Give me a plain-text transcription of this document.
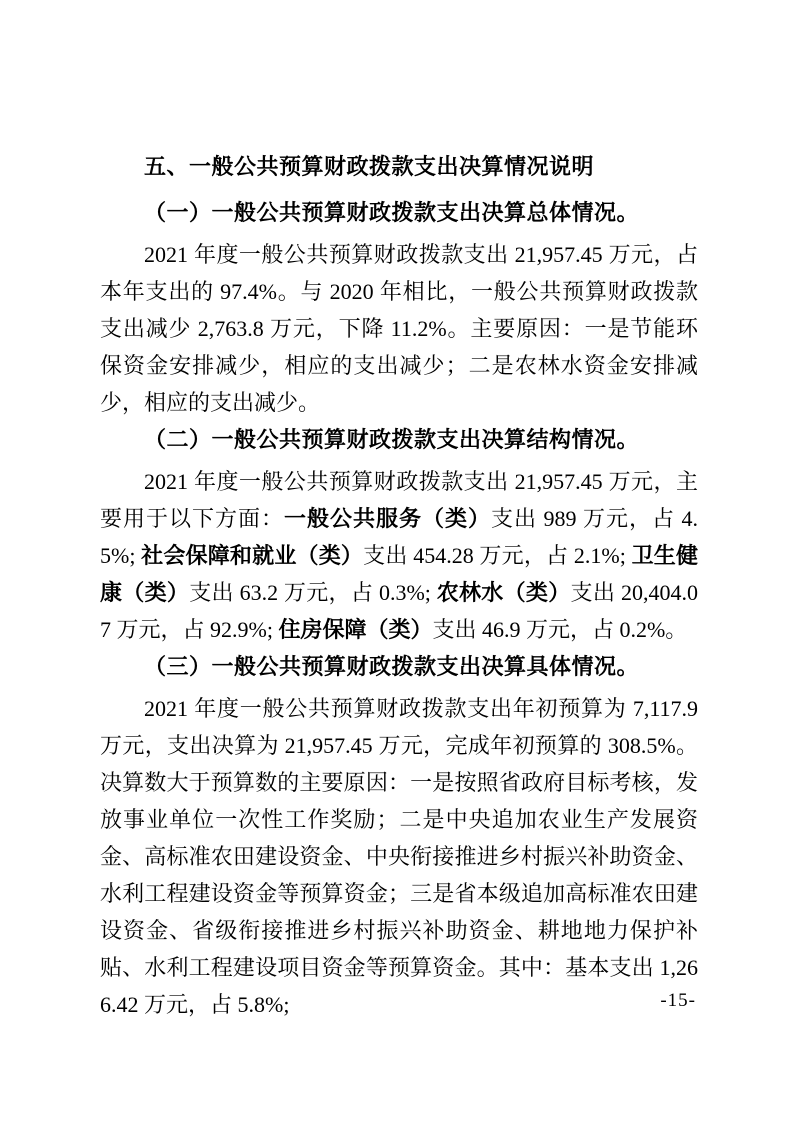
五、一般公共预算财政拨款支出决算情况说明
（一）一般公共预算财政拨款支出决算总体情况。

2021 年度一般公共预算财政拨款支出 21,957.45 万元，占本年支出的 97.4%。与 2020 年相比，一般公共预算财政拨款支出减少 2,763.8 万元，下降 11.2%。主要原因：一是节能环保资金安排减少，相应的支出减少；二是农林水资金安排减少，相应的支出减少。

（二）一般公共预算财政拨款支出决算结构情况。

2021 年度一般公共预算财政拨款支出 21,957.45 万元，主要用于以下方面：一般公共服务（类）支出 989 万元，占 4.5%; 社会保障和就业（类）支出 454.28 万元，占 2.1%; 卫生健康（类）支出 63.2 万元，占 0.3%; 农林水（类）支出 20,404.07 万元，占 92.9%; 住房保障（类）支出 46.9 万元，占 0.2%。

（三）一般公共预算财政拨款支出决算具体情况。

2021 年度一般公共预算财政拨款支出年初预算为 7,117.9 万元，支出决算为 21,957.45 万元，完成年初预算的 308.5%。决算数大于预算数的主要原因：一是按照省政府目标考核，发放事业单位一次性工作奖励；二是中央追加农业生产发展资金、高标准农田建设资金、中央衔接推进乡村振兴补助资金、水利工程建设资金等预算资金；三是省本级追加高标准农田建设资金、省级衔接推进乡村振兴补助资金、耕地地力保护补贴、水利工程建设项目资金等预算资金。其中：基本支出 1,266.42 万元，占 5.8%;	-15-
